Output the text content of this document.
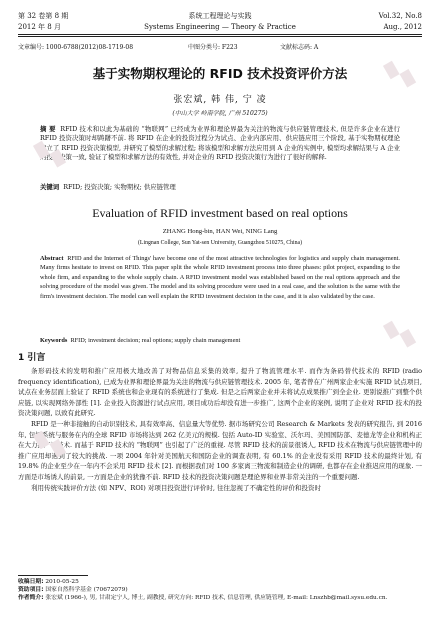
第 32 卷第 8 期	系统工程理论与实践	Vol.32, No.8
2012 年 8 月	Systems Engineering — Theory & Practice	Aug., 2012
文章编号: 1000-6788(2012)08-1719-08	中图分类号: F223	文献标志码: A
基于实物期权理论的 RFID 技术投资评价方法
张宏斌, 韩 伟, 宁 凌
(中山大学 岭南学院, 广州 510275)
摘 要 RFID 技术和以此为基础的 “物联网” 已经成为业界和理论界最为关注的物流与供应链管理技术, 但是许多企业在进行 RFID 投资决策时却踌躇不前. 将 RFID 在企业的投资过程分为试点、企业内部应用、供应链应用三个阶段, 基于实物期权理论建立了 RFID 投资决策模型, 并研究了模型的求解过程; 将该模型和求解方法应用到 A 企业的实例中, 模型均求解结果与 A 企业的投资决策一致, 验证了模型和求解方法的有效性, 并对企业的 RFID 投资决策行为进行了很好的解释.
关键词 RFID; 投资决策; 实物期权; 供应链管理
Evaluation of RFID investment based on real options
ZHANG Hong-bin, HAN Wei, NING Lang
(Lingnan College, Sun Yat-sen University, Guangzhou 510275, China)
Abstract RFID and the Internet of Things' have become one of the most attractive technologies for logistics and supply chain management. Many firms hesitate to invest on RFID. This paper split the whole RFID investment process into three phases: pilot project, expanding to the whole firm, and expanding to the whole supply chain. A RFID investment model was established based on the real options approach and the solving procedure of the model was given. The model and its solving procedure were used in a real case, and the solution is the same with the firm's investment decision. The model can well explain the RFID investment decision in the case, and it is also validated by the case.
Keywords RFID; investment decision; real options; supply chain management
1 引言

条形码技术的发明和推广应用极大地改善了对物品信息采集的效率, 提升了物流管理水平. 而作为条码替代技术的 RFID (radio frequency identification), 已成为业界和理论界最为关注的物流与供应链管理技术. 2005 年, 笔者曾在广州两家企业实施 RFID 试点项目, 试点在业务层面上验证了 RFID 系统也和企业现有的系统进行了集成. 但是之后两家企业并未将试点成果推广到全企业. 更别说推广到整个供应链, 以实现网络外部性 [1]. 企业投入资源进行试点应用, 项目成功后却没有进一步推广, 这两个企业的案例, 说明了企业对 RFID 技术的投资决策问题, 以致有此研究.

RFID 是一种非接触的自动识别技术, 具有效率高、信息量大等优势. 据市场研究公司 Research & Markets 发表的研究报告, 到 2016 年, 包括系统与服务在内的全球 RFID 市场将达到 262 亿美元的规模. 包括 Auto-ID 实验室、沃尔玛、美国国防部、麦德龙等企业和机构正在大力推广该技术. 而基于 RFID 技术的 “物联网” 也引起了广泛的重视. 尽管 RFID 技术的前景很诱人, RFID 技术在物流与供应链管理中的推广应用却遇到了较大的挑战. 一项 2004 年针对美国航天和国防企业的调查表明, 有 60.1% 的企业没有采用 RFID 技术的最终计划, 有 19.8% 的企业至少在一年内不会采用 RFID 技术 [2]. 而根据我们对 100 多家离三物流和制造企业的调研, 也都存在企业推迟应用的现象. 一方面是市场诱人的前景, 一方面是企业的犹豫不前. RFID 技术的投资决策问题是理论界和业界非常关注的一个重要问题.

利用传统实践评价方法 (如 NPV、ROI) 对项目投资进行评价时, 往往忽视了不确定性的评价和投资时

收稿日期: 2010-05-25
资助项目: 国家自然科学基金 (70672079)
作者简介: 张宏斌 (1966-), 男, 甘肃定宁人, 博士, 副教授, 研究方向: RFID 技术, 信息管理, 供应链管理, E-mail: Lnszhb@mail.sysu.edu.cn.
▚
▚
▚
▚
